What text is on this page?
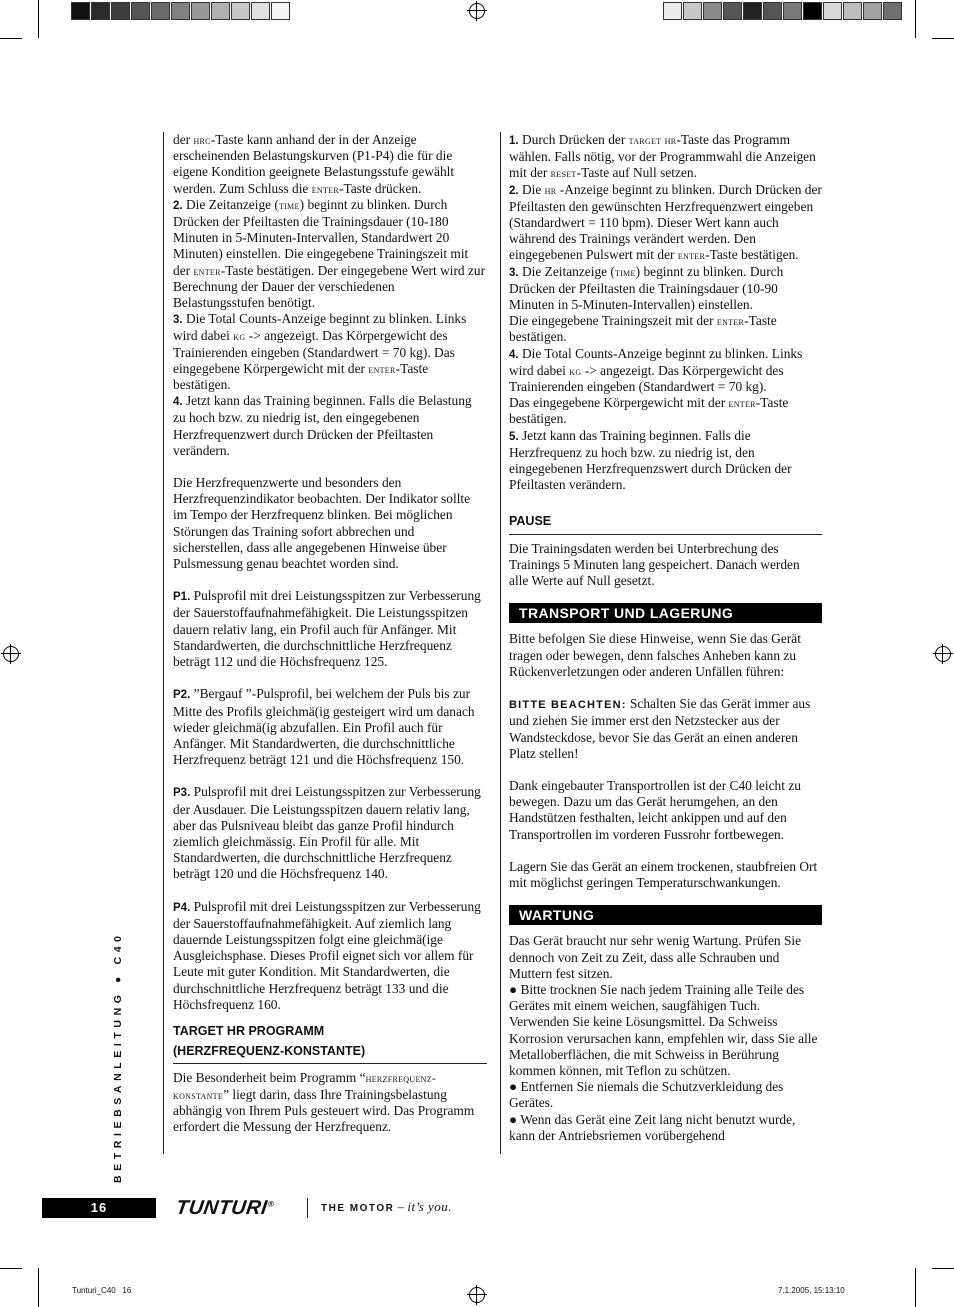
BETRIEBSANLEITUNG ● C40

der hrc-Taste kann anhand der in der Anzeige erscheinenden Belastungskurven (P1-P4) die für die eigene Kondition geeignete Belastungsstufe gewählt werden. Zum Schluss die enter-Taste drücken.

2. Die Zeitanzeige (time) beginnt zu blinken. Durch Drücken der Pfeiltasten die Trainingsdauer (10-180 Minuten in 5-Minuten-Intervallen, Standardwert 20 Minuten) einstellen. Die eingegebene Trainingszeit mit der enter-Taste bestätigen. Der eingegebene Wert wird zur Berechnung der Dauer der verschiedenen Belastungsstufen benötigt.

3. Die Total Counts-Anzeige beginnt zu blinken. Links wird dabei kg -> angezeigt. Das Körpergewicht des Trainierenden eingeben (Standardwert = 70 kg). Das eingegebene Körpergewicht mit der enter-Taste bestätigen.

4. Jetzt kann das Training beginnen. Falls die Belastung zu hoch bzw. zu niedrig ist, den eingegebenen Herzfrequenzwert durch Drücken der Pfeiltasten verändern.

Die Herzfrequenzwerte und besonders den Herzfrequenzindikator beobachten. Der Indikator sollte im Tempo der Herzfrequenz blinken. Bei möglichen Störungen das Training sofort abbrechen und sicherstellen, dass alle angegebenen Hinweise über Pulsmessung genau beachtet worden sind.

P1. Pulsprofil mit drei Leistungsspitzen zur Verbesserung der Sauerstoffaufnahmefähigkeit. Die Leistungsspitzen dauern relativ lang, ein Profil auch für Anfänger. Mit Standardwerten, die durchschnittliche Herzfrequenz beträgt 112 und die Höchsfrequenz 125.

P2. ”Bergauf ”-Pulsprofil, bei welchem der Puls bis zur Mitte des Profils gleichmä(ig gesteigert wird um danach wieder gleichmä(ig abzufallen. Ein Profil auch für Anfänger. Mit Standardwerten, die durchschnittliche Herzfrequenz beträgt 121 und die Höchsfrequenz 150.

P3. Pulsprofil mit drei Leistungsspitzen zur Verbesserung der Ausdauer. Die Leistungsspitzen dauern relativ lang, aber das Pulsniveau bleibt das ganze Profil hindurch ziemlich gleichmässig. Ein Profil für alle. Mit Standardwerten, die durchschnittliche Herzfrequenz beträgt 120 und die Höchsfrequenz 140.

P4. Pulsprofil mit drei Leistungsspitzen zur Verbesserung der Sauerstoffaufnahmefähigkeit. Auf ziemlich lang dauernde Leistungsspitzen folgt eine gleichmä(ige Ausgleichsphase. Dieses Profil eignet sich vor allem für Leute mit guter Kondition. Mit Standardwerten, die durchschnittliche Herzfrequenz beträgt 133 und die Höchsfrequenz 160.

TARGET HR PROGRAMM
(HERZFREQUENZ-KONSTANTE)

Die Besonderheit beim Programm “herzfrequenz-konstante” liegt darin, dass Ihre Trainingsbelastung abhängig von Ihrem Puls gesteuert wird. Das Programm erfordert die Messung der Herzfrequenz.

1. Durch Drücken der target hr-Taste das Programm wählen. Falls nötig, vor der Programmwahl die Anzeigen mit der reset-Taste auf Null setzen.

2. Die hr -Anzeige beginnt zu blinken. Durch Drücken der Pfeiltasten den gewünschten Herzfrequenzwert eingeben (Standardwert = 110 bpm). Dieser Wert kann auch während des Trainings verändert werden. Den eingegebenen Pulswert mit der enter-Taste bestätigen.

3. Die Zeitanzeige (time) beginnt zu blinken. Durch Drücken der Pfeiltasten die Trainingsdauer (10-90 Minuten in 5-Minuten-Intervallen) einstellen.

Die eingegebene Trainingszeit mit der enter-Taste bestätigen.

4. Die Total Counts-Anzeige beginnt zu blinken. Links wird dabei kg -> angezeigt. Das Körpergewicht des Trainierenden eingeben (Standardwert = 70 kg).

Das eingegebene Körpergewicht mit der enter-Taste bestätigen.

5. Jetzt kann das Training beginnen. Falls die Herzfrequenz zu hoch bzw. zu niedrig ist, den eingegebenen Herzfrequenzswert durch Drücken der Pfeiltasten verändern.

PAUSE

Die Trainingsdaten werden bei Unterbrechung des Trainings 5 Minuten lang gespeichert. Danach werden alle Werte auf Null gesetzt.

TRANSPORT UND LAGERUNG

Bitte befolgen Sie diese Hinweise, wenn Sie das Gerät tragen oder bewegen, denn falsches Anheben kann zu Rückenverletzungen oder anderen Unfällen führen:

BITTE BEACHTEN: Schalten Sie das Gerät immer aus und ziehen Sie immer erst den Netzstecker aus der Wandsteckdose, bevor Sie das Gerät an einen anderen Platz stellen!

Dank eingebauter Transportrollen ist der C40 leicht zu bewegen. Dazu um das Gerät herumgehen, an den Handstützen festhalten, leicht ankippen und auf den Transportrollen im vorderen Fussrohr fortbewegen.

Lagern Sie das Gerät an einem trockenen, staubfreien Ort mit möglichst geringen Temperaturschwankungen.

WARTUNG

Das Gerät braucht nur sehr wenig Wartung. Prüfen Sie dennoch von Zeit zu Zeit, dass alle Schrauben und Muttern fest sitzen.

● Bitte trocknen Sie nach jedem Training alle Teile des Gerätes mit einem weichen, saugfähigen Tuch. Verwenden Sie keine Lösungsmittel. Da Schweiss Korrosion verursachen kann, empfehlen wir, dass Sie alle Metalloberflächen, die mit Schweiss in Berührung kommen können, mit Teflon zu schützen.

● Entfernen Sie niemals die Schutzverkleidung des Gerätes.

● Wenn das Gerät eine Zeit lang nicht benutzt wurde, kann der Antriebsriemen vorübergehend

16	TUNTURI®	THE MOTOR – it’s you.
Tunturi_C40   16	7.1.2005, 15:13:10
